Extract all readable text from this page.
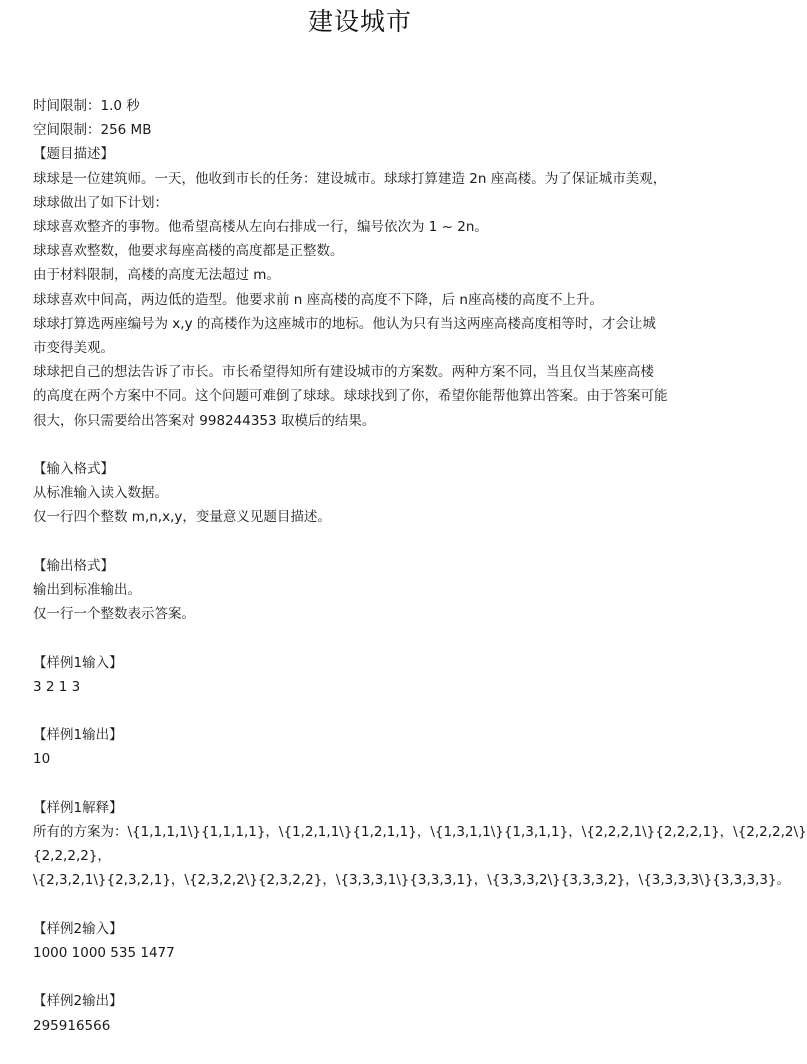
建设城市
时间限制：1.0 秒
空间限制：256 MB
【题目描述】
球球是一位建筑师。一天，他收到市长的任务：建设城市。球球打算建造 2n 座高楼。为了保证城市美观，
球球做出了如下计划：
球球喜欢整齐的事物。他希望高楼从左向右排成一行，编号依次为 1 ~ 2n。
球球喜欢整数，他要求每座高楼的高度都是正整数。
由于材料限制，高楼的高度无法超过 m。
球球喜欢中间高，两边低的造型。他要求前 n 座高楼的高度不下降，后 n座高楼的高度不上升。
球球打算选两座编号为 x,y 的高楼作为这座城市的地标。他认为只有当这两座高楼高度相等时，才会让城
市变得美观。
球球把自己的想法告诉了市长。市长希望得知所有建设城市的方案数。两种方案不同，当且仅当某座高楼
的高度在两个方案中不同。这个问题可难倒了球球。球球找到了你，希望你能帮他算出答案。由于答案可能
很大，你只需要给出答案对 998244353 取模后的结果。
【输入格式】
从标准输入读入数据。
仅一行四个整数 m,n,x,y，变量意义见题目描述。
【输出格式】
输出到标准输出。
仅一行一个整数表示答案。
【样例1输入】
3 2 1 3
【样例1输出】
10
【样例1解释】
所有的方案为：\{1,1,1,1\}{1,1,1,1}，\{1,2,1,1\}{1,2,1,1}，\{1,3,1,1\}{1,3,1,1}，\{2,2,2,1\}{2,2,2,1}，\{2,2,2,2\}
{2,2,2,2}，
\{2,3,2,1\}{2,3,2,1}，\{2,3,2,2\}{2,3,2,2}，\{3,3,3,1\}{3,3,3,1}，\{3,3,3,2\}{3,3,3,2}，\{3,3,3,3\}{3,3,3,3}。
【样例2输入】
1000 1000 535 1477
【样例2输出】
295916566
